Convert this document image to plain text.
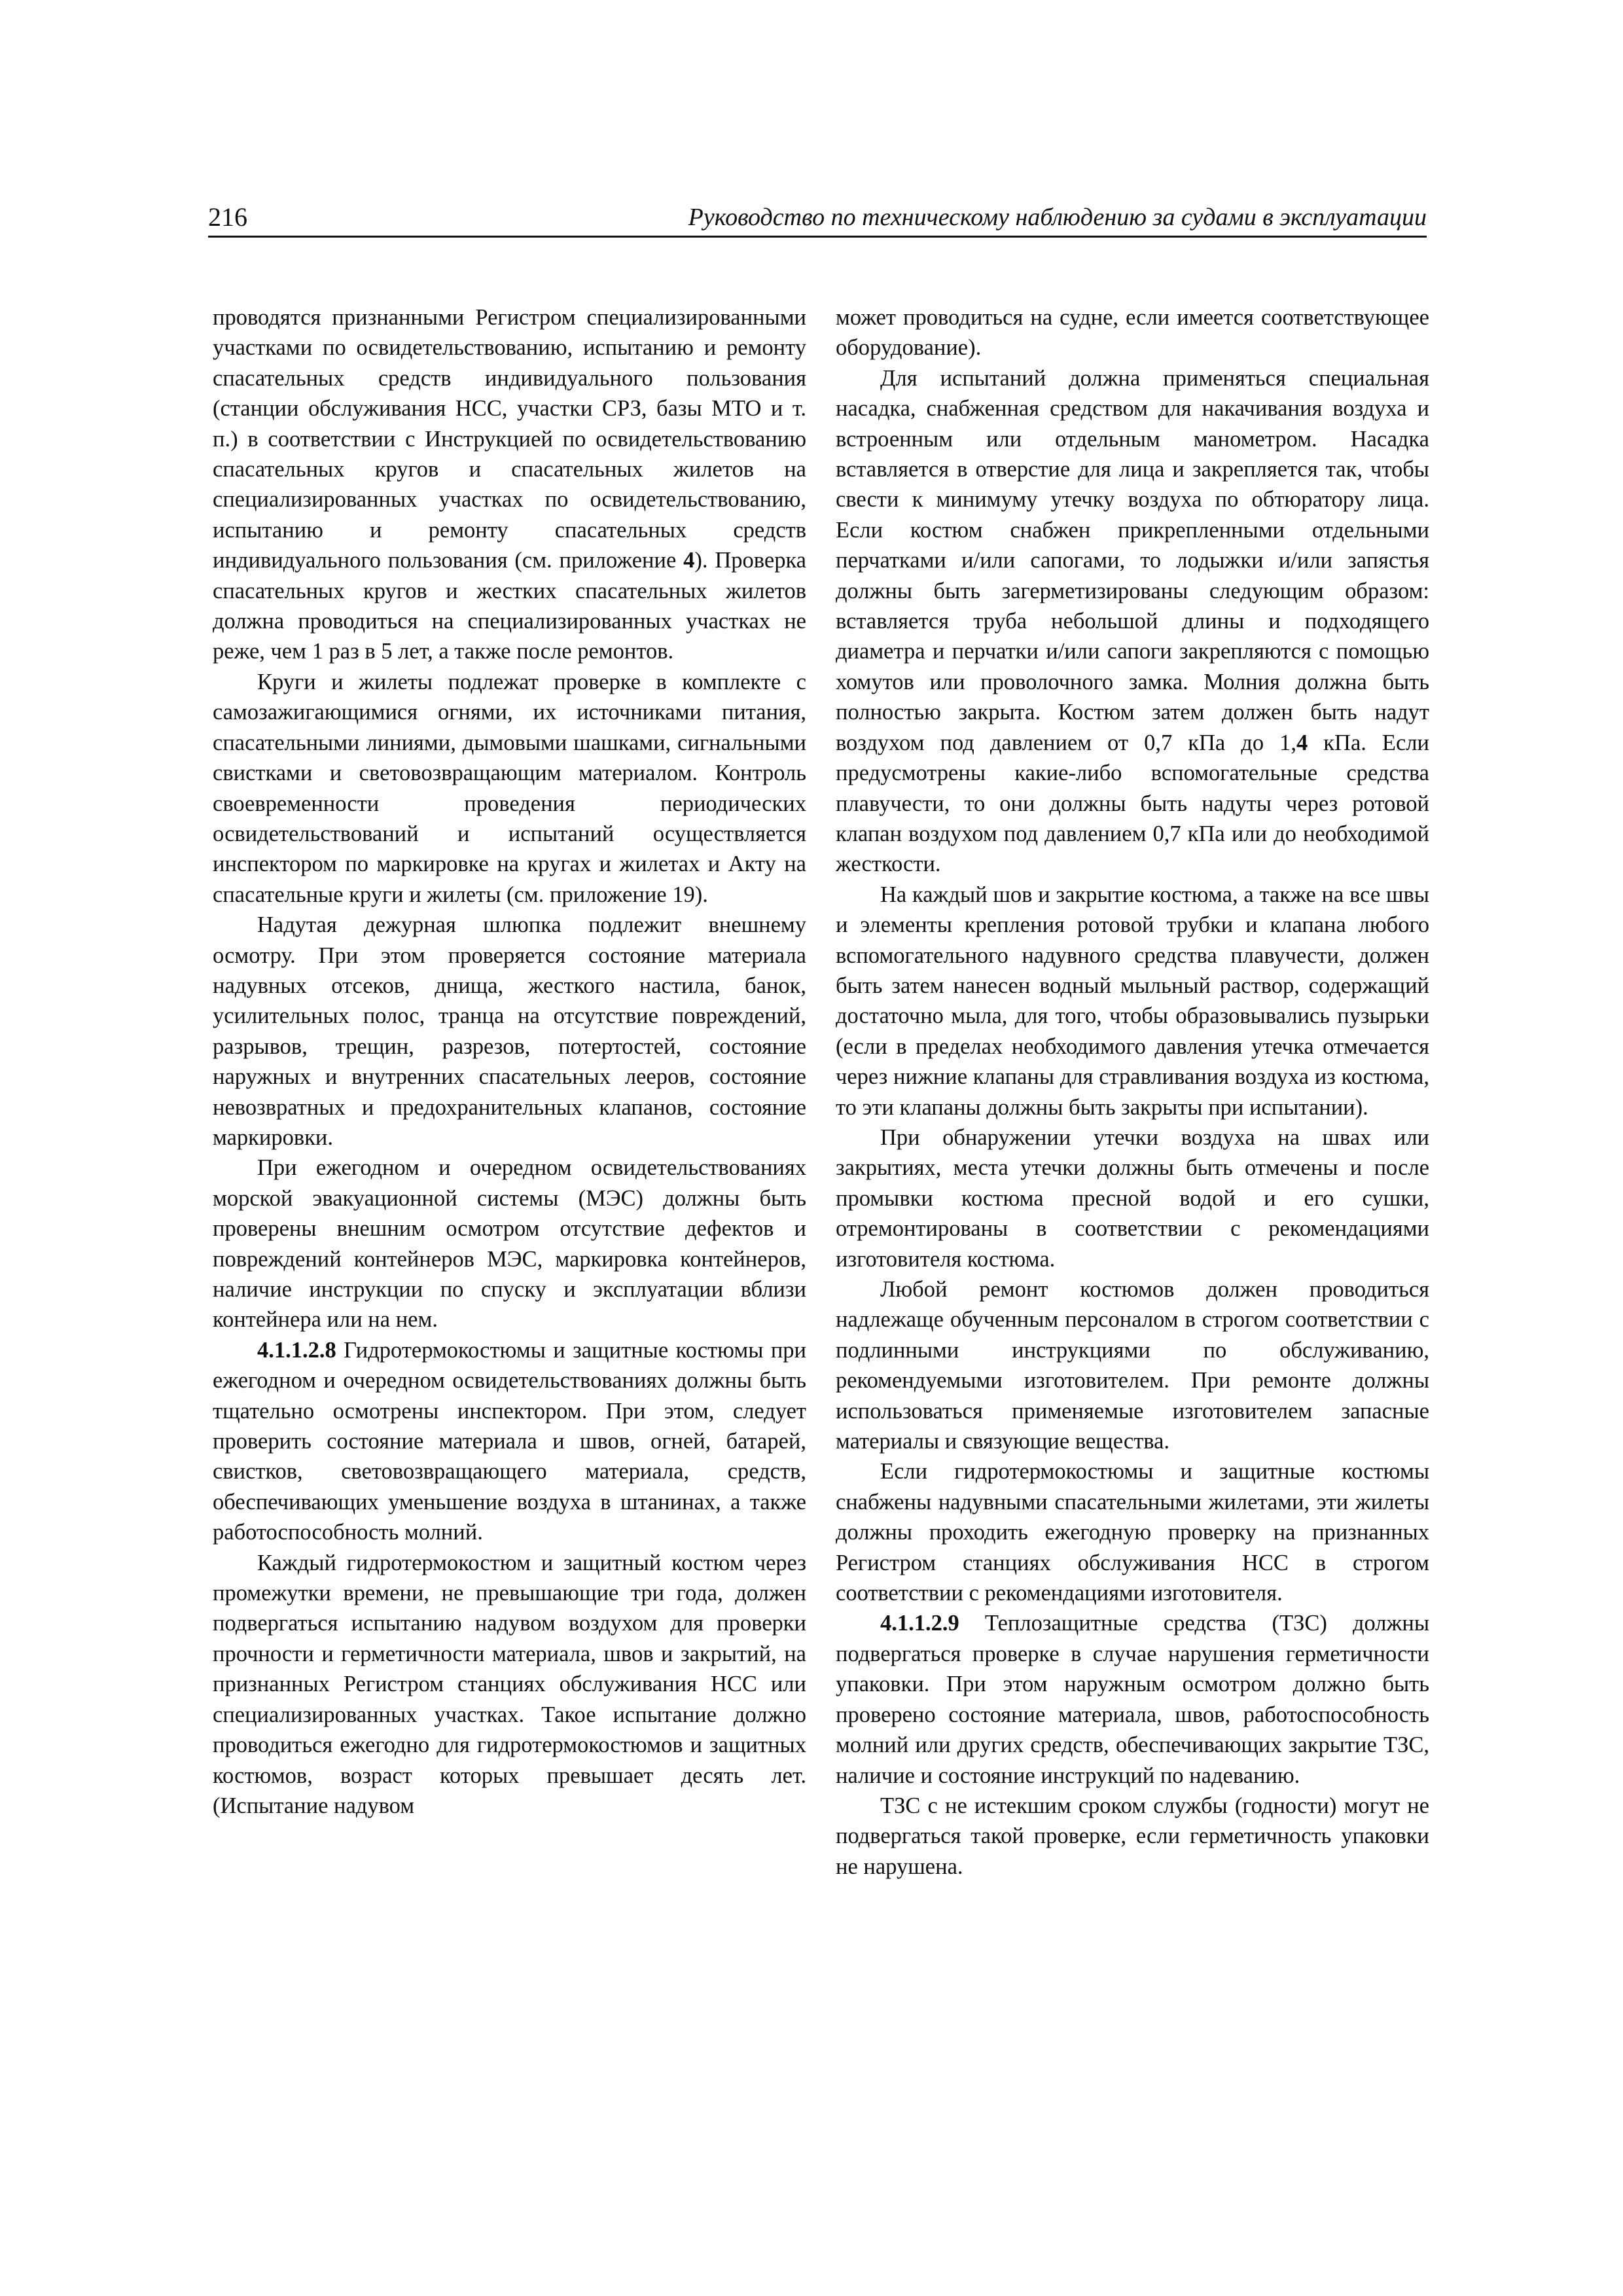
216	Руководство по техническому наблюдению за судами в эксплуатации

проводятся признанными Регистром специализированными участками по освидетельствованию, испытанию и ремонту спасательных средств индивидуального пользования (станции обслуживания НСС, участки СРЗ, базы МТО и т. п.) в соответствии с Инструкцией по освидетельствованию спасательных кругов и спасательных жилетов на специализированных участках по освидетельствованию, испытанию и ремонту спасательных средств индивидуального пользования (см. приложение 4). Проверка спасательных кругов и жестких спасательных жилетов должна проводиться на специализированных участках не реже, чем 1 раз в 5 лет, а также после ремонтов.

Круги и жилеты подлежат проверке в комплекте с самозажигающимися огнями, их источниками питания, спасательными линиями, дымовыми шашками, сигнальными свистками и световозвращающим материалом. Контроль своевременности проведения периодических освидетельствований и испытаний осуществляется инспектором по маркировке на кругах и жилетах и Акту на спасательные круги и жилеты (см. приложение 19).

Надутая дежурная шлюпка подлежит внешнему осмотру. При этом проверяется состояние материала надувных отсеков, днища, жесткого настила, банок, усилительных полос, транца на отсутствие повреждений, разрывов, трещин, разрезов, потертостей, состояние наружных и внутренних спасательных лееров, состояние невозвратных и предохранительных клапанов, состояние маркировки.

При ежегодном и очередном освидетельствованиях морской эвакуационной системы (МЭС) должны быть проверены внешним осмотром отсутствие дефектов и повреждений контейнеров МЭС, маркировка контейнеров, наличие инструкции по спуску и эксплуатации вблизи контейнера или на нем.

4.1.1.2.8 Гидротермокостюмы и защитные костюмы при ежегодном и очередном освидетельствованиях должны быть тщательно осмотрены инспектором. При этом, следует проверить состояние материала и швов, огней, батарей, свистков, световозвращающего материала, средств, обеспечивающих уменьшение воздуха в штанинах, а также работоспособность молний.

Каждый гидротермокостюм и защитный костюм через промежутки времени, не превышающие три года, должен подвергаться испытанию надувом воздухом для проверки прочности и герметичности материала, швов и закрытий, на признанных Регистром станциях обслуживания НСС или специализированных участках. Такое испытание должно проводиться ежегодно для гидротермокостюмов и защитных костюмов, возраст которых превышает десять лет. (Испытание надувом

может проводиться на судне, если имеется соответствующее оборудование).

Для испытаний должна применяться специальная насадка, снабженная средством для накачивания воздуха и встроенным или отдельным манометром. Насадка вставляется в отверстие для лица и закрепляется так, чтобы свести к минимуму утечку воздуха по обтюратору лица. Если костюм снабжен прикрепленными отдельными перчатками и/или сапогами, то лодыжки и/или запястья должны быть загерметизированы следующим образом: вставляется труба небольшой длины и подходящего диаметра и перчатки и/или сапоги закрепляются с помощью хомутов или проволочного замка. Молния должна быть полностью закрыта. Костюм затем должен быть надут воздухом под давлением от 0,7 кПа до 1,4 кПа. Если предусмотрены какие-либо вспомогательные средства плавучести, то они должны быть надуты через ротовой клапан воздухом под давлением 0,7 кПа или до необходимой жесткости.

На каждый шов и закрытие костюма, а также на все швы и элементы крепления ротовой трубки и клапана любого вспомогательного надувного средства плавучести, должен быть затем нанесен водный мыльный раствор, содержащий достаточно мыла, для того, чтобы образовывались пузырьки (если в пределах необходимого давления утечка отмечается через нижние клапаны для стравливания воздуха из костюма, то эти клапаны должны быть закрыты при испытании).

При обнаружении утечки воздуха на швах или закрытиях, места утечки должны быть отмечены и после промывки костюма пресной водой и его сушки, отремонтированы в соответствии с рекомендациями изготовителя костюма.

Любой ремонт костюмов должен проводиться надлежаще обученным персоналом в строгом соответствии с подлинными инструкциями по обслуживанию, рекомендуемыми изготовителем. При ремонте должны использоваться применяемые изготовителем запасные материалы и связующие вещества.

Если гидротермокостюмы и защитные костюмы снабжены надувными спасательными жилетами, эти жилеты должны проходить ежегодную проверку на признанных Регистром станциях обслуживания НСС в строгом соответствии с рекомендациями изготовителя.

4.1.1.2.9 Теплозащитные средства (ТЗС) должны подвергаться проверке в случае нарушения герметичности упаковки. При этом наружным осмотром должно быть проверено состояние материала, швов, работоспособность молний или других средств, обеспечивающих закрытие ТЗС, наличие и состояние инструкций по надеванию.

ТЗС с не истекшим сроком службы (годности) могут не подвергаться такой проверке, если герметичность упаковки не нарушена.
